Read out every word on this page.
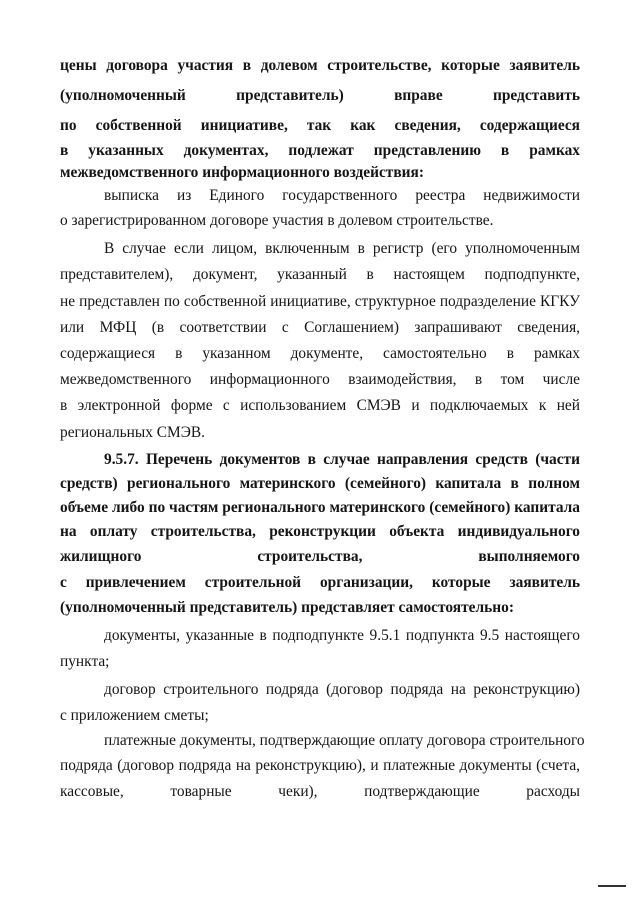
цены договора участия в долевом строительстве, которые заявитель
(уполномоченный представитель) вправе представить
по собственной инициативе, так как сведения, содержащиеся
в указанных документах, подлежат представлению в рамках
межведомственного информационного воздействия:
выписка из Единого государственного реестра недвижимости
о зарегистрированном договоре участия в долевом строительстве.
В случае если лицом, включенным в регистр (его уполномоченным
представителем), документ, указанный в настоящем подподпункте,
не представлен по собственной инициативе, структурное подразделение КГКУ
или МФЦ (в соответствии с Соглашением) запрашивают сведения,
содержащиеся в указанном документе, самостоятельно в рамках
межведомственного информационного взаимодействия, в том числе
в электронной форме с использованием СМЭВ и подключаемых к ней
региональных СМЭВ.
9.5.7. Перечень документов в случае направления средств (части
средств) регионального материнского (семейного) капитала в полном
объеме либо по частям регионального материнского (семейного) капитала
на оплату строительства, реконструкции объекта индивидуального
жилищного строительства, выполняемого
с привлечением строительной организации, которые заявитель
(уполномоченный представитель) представляет самостоятельно:
документы, указанные в подподпункте 9.5.1 подпункта 9.5 настоящего
пункта;
договор строительного подряда (договор подряда на реконструкцию)
с приложением сметы;
платежные документы, подтверждающие оплату договора строительного
подряда (договор подряда на реконструкцию), и платежные документы (счета,
кассовые, товарные чеки), подтверждающие расходы
